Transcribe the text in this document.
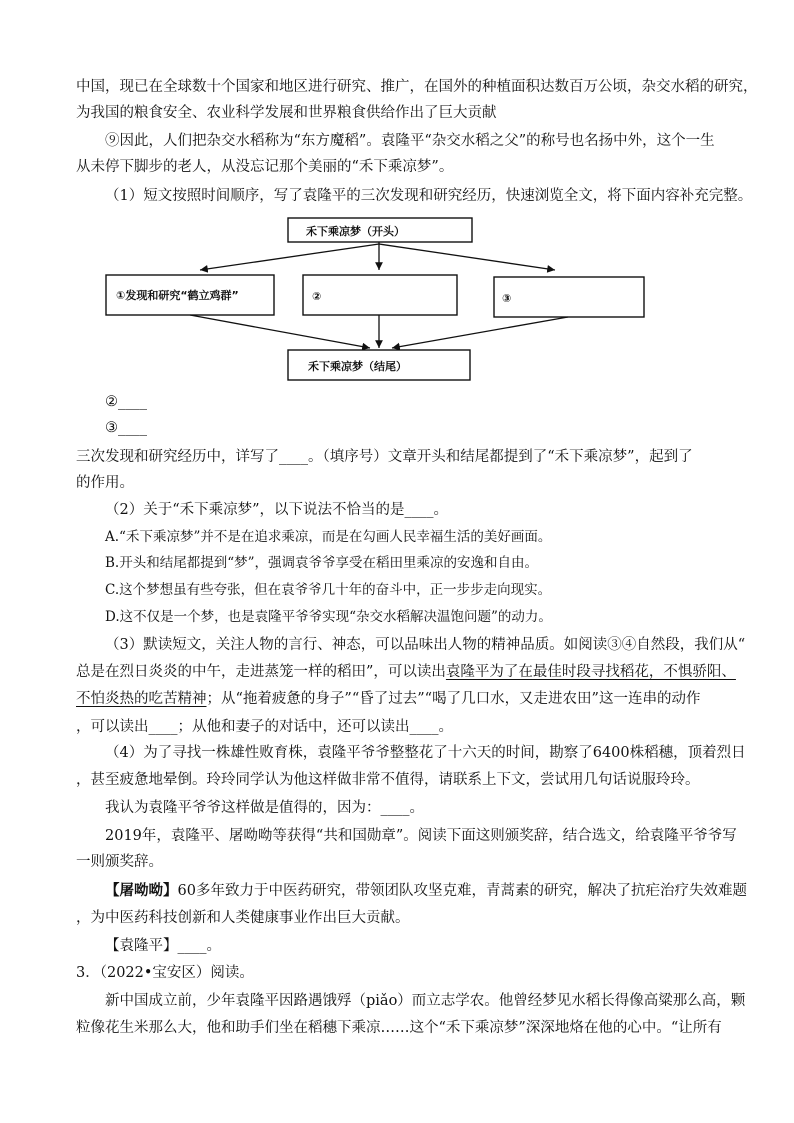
中国，现已在全球数十个国家和地区进行研究、推广，在国外的种植面积达数百万公顷，杂交水稻的研究，
为我国的粮食安全、农业科学发展和世界粮食供给作出了巨大贡献
⑨因此，人们把杂交水稻称为“东方魔稻”。袁隆平“杂交水稻之父”的称号也名扬中外，这个一生
从未停下脚步的老人，从没忘记那个美丽的“禾下乘凉梦”。
（1）短文按照时间顺序，写了袁隆平的三次发现和研究经历，快速浏览全文，将下面内容补充完整。
禾下乘凉梦（开头）
①发现和研究“鹤立鸡群”	②	③
禾下乘凉梦（结尾）
②____
③____
三次发现和研究经历中，详写了____。（填序号）文章开头和结尾都提到了“禾下乘凉梦”，起到了
的作用。
（2）关于“禾下乘凉梦”，以下说法不恰当的是____。
A.“禾下乘凉梦”并不是在追求乘凉，而是在勾画人民幸福生活的美好画面。
B.开头和结尾都提到“梦”，强调袁爷爷享受在稻田里乘凉的安逸和自由。
C.这个梦想虽有些夸张，但在袁爷爷几十年的奋斗中，正一步步走向现实。
D.这不仅是一个梦，也是袁隆平爷爷实现“杂交水稻解决温饱问题”的动力。
（3）默读短文，关注人物的言行、神态，可以品味出人物的精神品质。如阅读③④自然段，我们从“
总是在烈日炎炎的中午，走进蒸笼一样的稻田”，可以读出袁隆平为了在最佳时段寻找稻花，不惧骄阳、
不怕炎热的吃苦精神；从“拖着疲惫的身子”“昏了过去”“喝了几口水，又走进农田”这一连串的动作
，可以读出____；从他和妻子的对话中，还可以读出____。
（4）为了寻找一株雄性败育株，袁隆平爷爷整整花了十六天的时间，勘察了6400株稻穗，顶着烈日
，甚至疲惫地晕倒。玲玲同学认为他这样做非常不值得，请联系上下文，尝试用几句话说服玲玲。
我认为袁隆平爷爷这样做是值得的，因为：____。
2019年，袁隆平、屠呦呦等获得“共和国勋章”。阅读下面这则颁奖辞，结合选文，给袁隆平爷爷写
一则颁奖辞。
【屠呦呦】60多年致力于中医药研究，带领团队攻坚克难，青蒿素的研究，解决了抗疟治疗失效难题
，为中医药科技创新和人类健康事业作出巨大贡献。
【袁隆平】____。
3．（2022•宝安区）阅读。
新中国成立前，少年袁隆平因路遇饿殍（piǎo）而立志学农。他曾经梦见水稻长得像高粱那么高，颗
粒像花生米那么大，他和助手们坐在稻穗下乘凉……这个“禾下乘凉梦”深深地烙在他的心中。“让所有
